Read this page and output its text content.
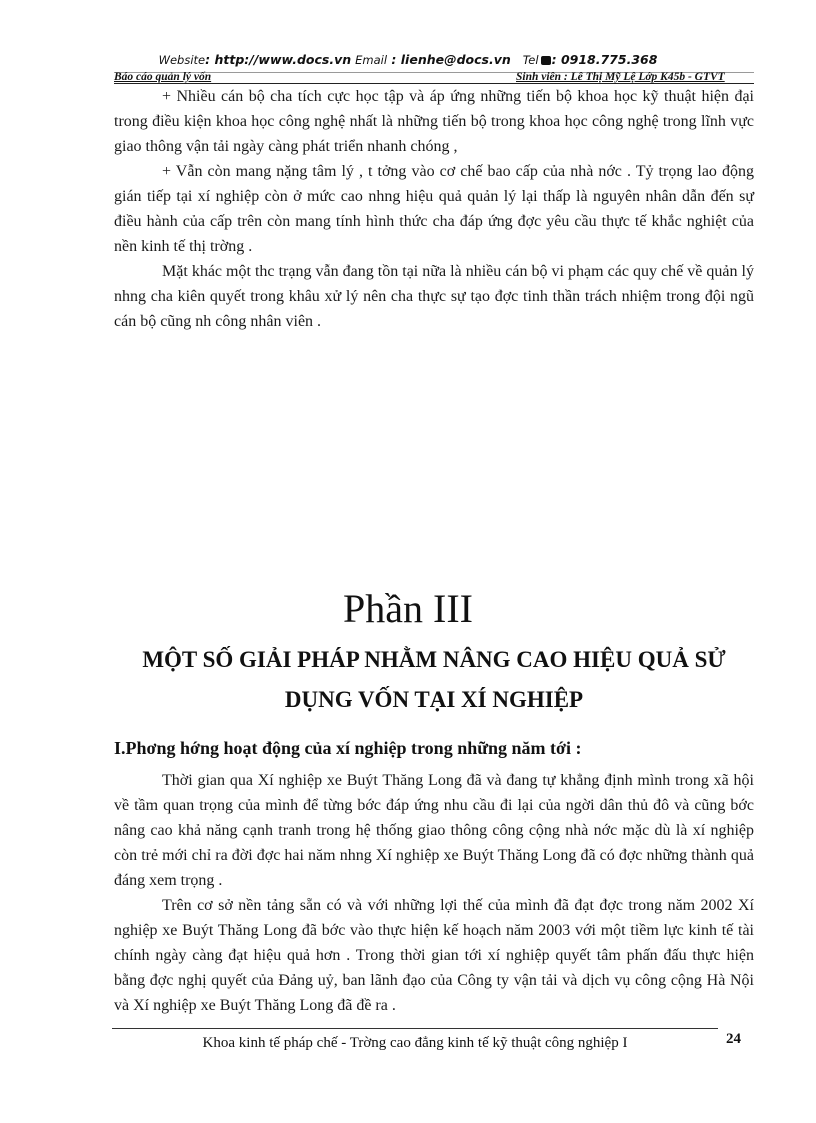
Website: http://www.docs.vn Email : lienhe@docs.vn Tel : 0918.775.368
Báo cáo quản lý vốn	Sinh viên : Lê Thị Mỹ Lệ Lớp K45b - GTVT

+ Nhiều cán bộ cha tích cực học tập và áp ứng những tiến bộ khoa học kỹ thuật hiện đại trong điều kiện khoa học công nghệ nhất là những tiến bộ trong khoa học công nghệ trong lĩnh vực giao thông vận tải ngày càng phát triển nhanh chóng ,

+ Vẫn còn mang nặng tâm lý , t tởng vào cơ chế bao cấp của nhà nớc . Tỷ trọng lao động gián tiếp tại xí nghiệp còn ở mức cao nhng hiệu quả quản lý lại thấp là nguyên nhân dẫn đến sự điều hành của cấp trên còn mang tính hình thức cha đáp ứng đợc yêu cầu thực tế khắc nghiệt của nền kinh tế thị trờng .

Mặt khác một thc trạng vẫn đang tồn tại nữa là nhiều cán bộ vi phạm các quy chế về quản lý nhng cha kiên quyết trong khâu xử lý nên cha thực sự tạo đợc tinh thần trách nhiệm trong đội ngũ cán bộ cũng nh công nhân viên .

Phần III
MỘT SỐ GIẢI PHÁP NHẰM NÂNG CAO HIỆU QUẢ SỬ DỤNG VỐN TẠI XÍ NGHIỆP
I.Phơng hớng hoạt động của xí nghiệp trong những năm tới :

Thời gian qua Xí nghiệp xe Buýt Thăng Long đã và đang tự khẳng định mình trong xã hội về tầm quan trọng của mình để từng bớc đáp ứng nhu cầu đi lại của ngời dân thủ đô và cũng bớc nâng cao khả năng cạnh tranh trong hệ thống giao thông công cộng nhà nớc mặc dù là xí nghiệp còn trẻ mới chỉ ra đời đợc hai năm nhng Xí nghiệp xe Buýt Thăng Long đã có đợc những thành quả đáng xem trọng .

Trên cơ sở nền tảng sẵn có và với những lợi thế của mình đã đạt đợc trong năm 2002 Xí nghiệp xe Buýt Thăng Long đã bớc vào thực hiện kế hoạch năm 2003 với một tiềm lực kinh tế tài chính ngày càng đạt hiệu quả hơn . Trong thời gian tới xí nghiệp quyết tâm phấn đấu thực hiện bằng đợc nghị quyết của Đảng uỷ, ban lãnh đạo của Công ty vận tải và dịch vụ công cộng Hà Nội và Xí nghiệp xe Buýt Thăng Long đã đề ra .

Khoa kinh tế pháp chế - Trờng cao đẳng kinh tế kỹ thuật công nghiệp I	24
